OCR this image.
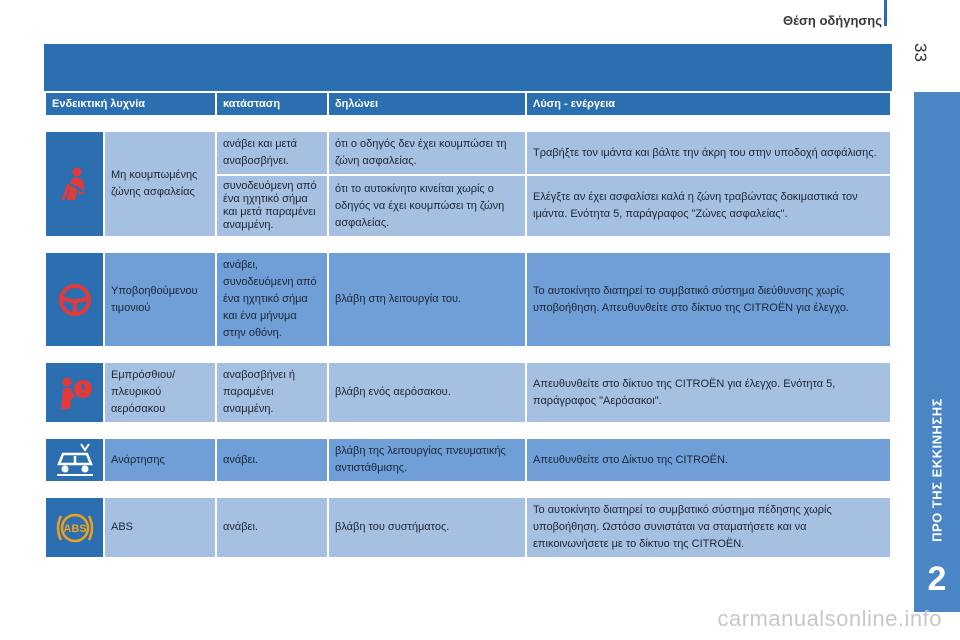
Θέση οδήγησης
33
ΠΡΟ ΤΗΣ ΕΚΚΙΝΗΣΗΣ
2
Ενδεικτική λυχνία		κατάσταση	δηλώνει	Λύση - ενέργεια

	Μη κουμπωμένης ζώνης ασφαλείας	ανάβει και μετά αναβοσβήνει.	ότι ο οδηγός δεν έχει κουμπώσει τη ζώνη ασφαλείας.	Τραβήξτε τον ιμάντα και βάλτε την άκρη του στην υποδοχή ασφάλισης.
		συνοδευόμενη από ένα ηχητικό σήμα και μετά παραμένει αναμμένη.	ότι το αυτοκίνητο κινείται χωρίς ο οδηγός να έχει κουμπώσει τη ζώνη ασφαλείας.	Ελέγξτε αν έχει ασφαλίσει καλά η ζώνη τραβώντας δοκιμαστικά τον ιμάντα. Ενότητα 5, παράγραφος "Ζώνες ασφαλείας".

	Υποβοηθούμενου τιμονιού	ανάβει, συνοδευόμενη από ένα ηχητικό σήμα και ένα μήνυμα στην οθόνη.	βλάβη στη λειτουργία του.	Το αυτοκίνητο διατηρεί το συμβατικό σύστημα διεύθυνσης χωρίς υποβοήθηση. Απευθυνθείτε στο δίκτυο της CITROËN για έλεγχο.

	Εμπρόσθιου/ πλευρικού αερόσακου	αναβοσβήνει ή παραμένει αναμμένη.	βλάβη ενός αερόσακου.	Απευθυνθείτε στο δίκτυο της CITROËN για έλεγχο. Ενότητα 5, παράγραφος "Αερόσακοι".

	Ανάρτησης	ανάβει.	βλάβη της λειτουργίας πνευματικής αντιστάθμισης.	Απευθυνθείτε στο Δίκτυο της CITROËN.

ABS	ABS	ανάβει.	βλάβη του συστήματος.	Το αυτοκίνητο διατηρεί το συμβατικό σύστημα πέδησης χωρίς υποβοήθηση. Ωστόσο συνιστάται να σταματήσετε και να επικοινωνήσετε με το δίκτυο της CITROËN.
carmanualsonline.info
